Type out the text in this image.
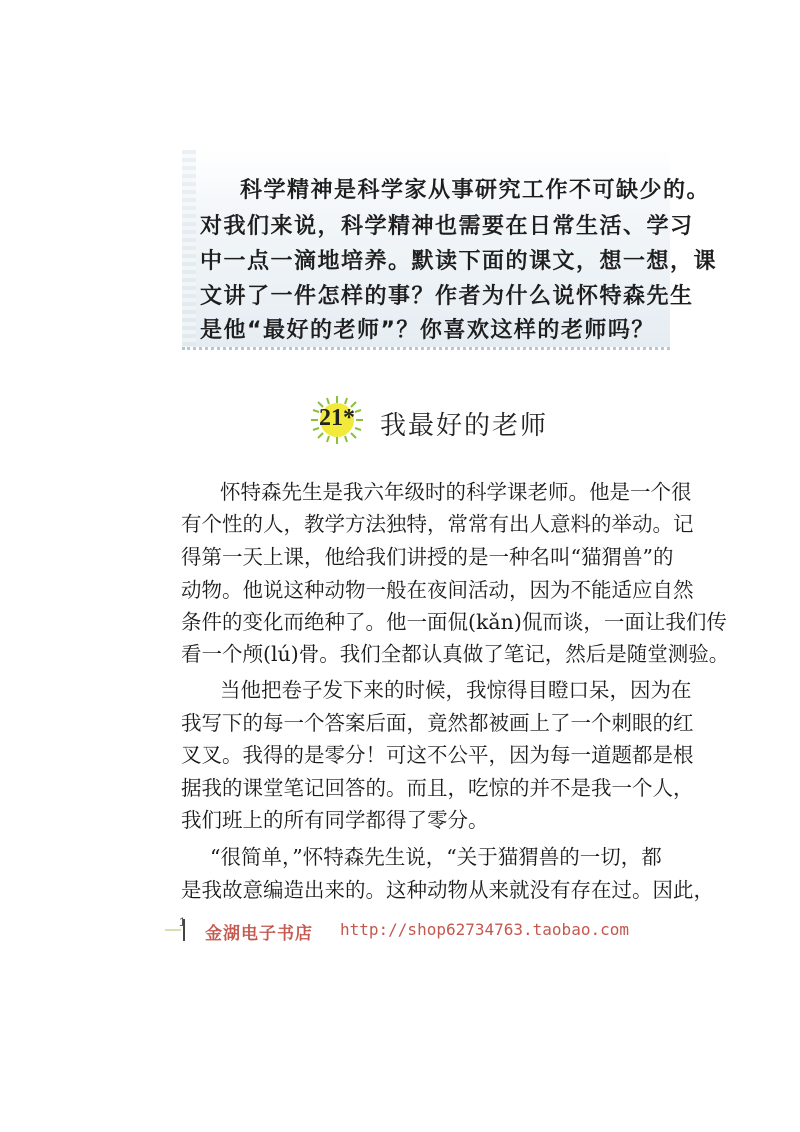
科学精神是科学家从事研究工作不可缺少的。
对我们来说，科学精神也需要在日常生活、学习
中一点一滴地培养。默读下面的课文，想一想，课
文讲了一件怎样的事？作者为什么说怀特森先生
是他“最好的老师”？你喜欢这样的老师吗？
21* 我最好的老师
怀特森先生是我六年级时的科学课老师。他是一个很
有个性的人，教学方法独特，常常有出人意料的举动。记
得第一天上课，他给我们讲授的是一种名叫“猫猬兽”的
动物。他说这种动物一般在夜间活动，因为不能适应自然
条件的变化而绝种了。他一面侃(kǎn)侃而谈，一面让我们传
看一个颅(lú)骨。我们全都认真做了笔记，然后是随堂测验。
当他把卷子发下来的时候，我惊得目瞪口呆，因为在
我写下的每一个答案后面，竟然都被画上了一个刺眼的红
叉叉。我得的是零分！可这不公平，因为每一道题都是根
据我的课堂笔记回答的。而且，吃惊的并不是我一个人，
我们班上的所有同学都得了零分。
“很简单，”怀特森先生说，“关于猫猬兽的一切，都
是我故意编造出来的。这种动物从来就没有存在过。因此，
1
金湖电子书店 http://shop62734763.taobao.com
